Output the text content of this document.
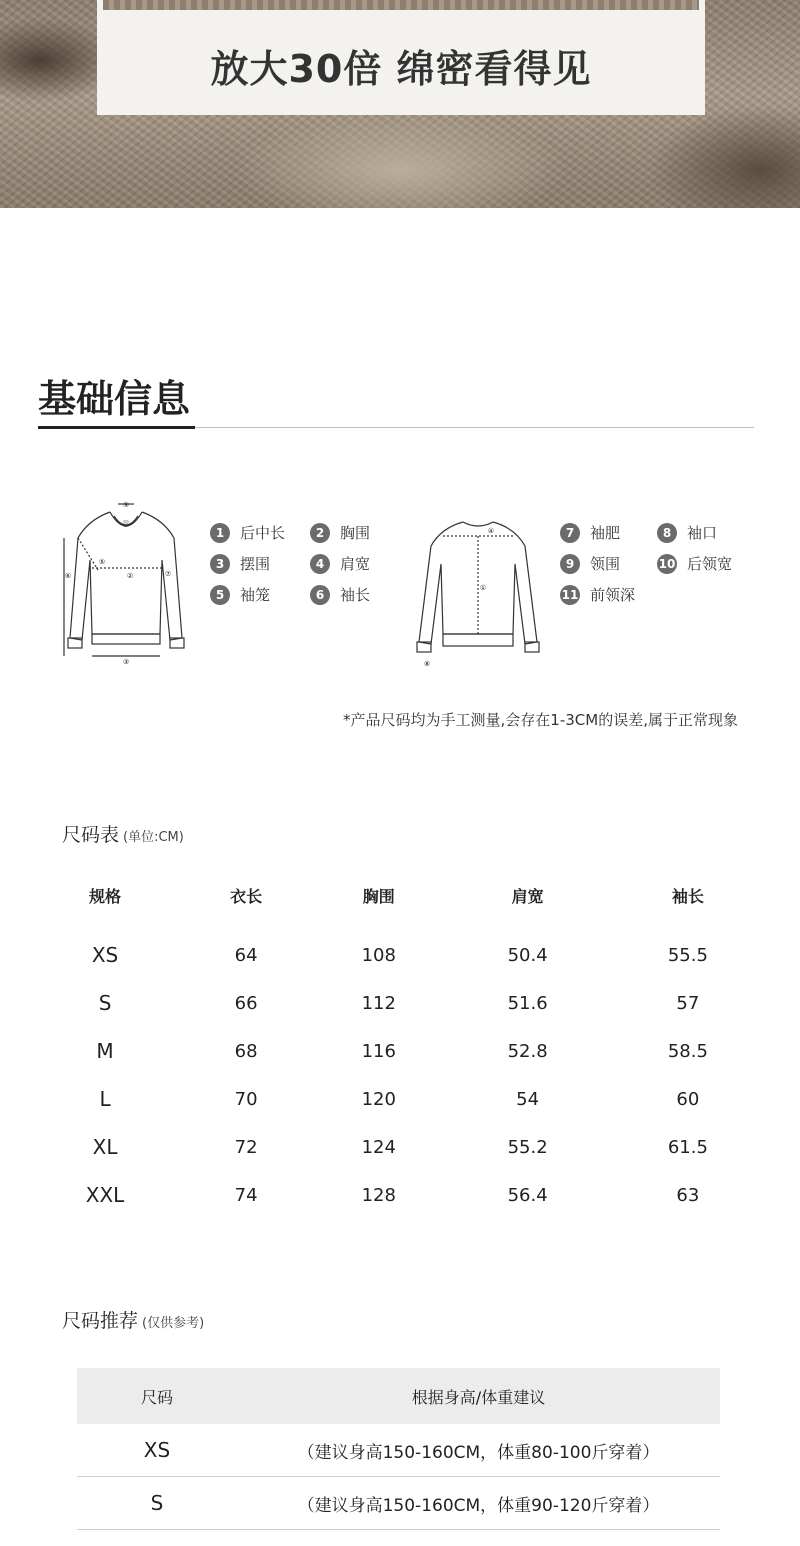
放大30倍 绵密看得见
基础信息
⑨
⑪
⑤
②
⑥	⑦
③
1	后中长	2	胸围
3	摆围	4	肩宽
5	袖笼	6	袖长
④
①
⑧
7	袖肥	8	袖口
9	领围	10 后领宽
11 前领深
*产品尺码均为手工测量,会存在1-3CM的误差,属于正常现象
尺码表 (单位:CM)
规格	衣长	胸围	肩宽	袖长
XS	64	108	50.4	55.5
S	66	112	51.6	57
M	68	116	52.8	58.5
L	70	120	54	60
XL	72	124	55.2	61.5
XXL	74	128	56.4	63
尺码推荐 (仅供参考)
尺码	根据身高/体重建议
XS	（建议身高150-160CM，体重80-100斤穿着）
S	（建议身高150-160CM，体重90-120斤穿着）
